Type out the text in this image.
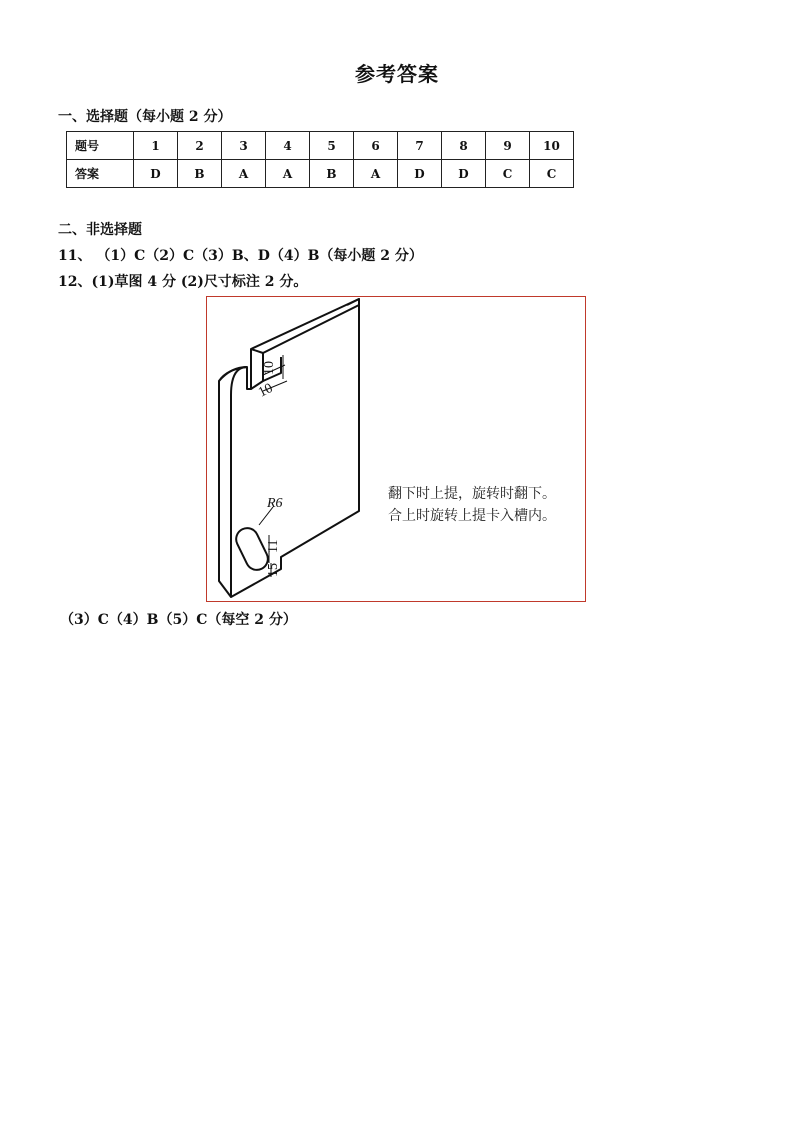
参考答案
一、选择题（每小题 2 分）
题号	1	2	3	4	5	6	7	8	9	10
答案	D	B	A	A	B	A	D	D	C	C
二、非选择题
11、 （1）C（2）C（3）B、D（4）B（每小题 2 分）
12、(1)草图 4 分 (2)尺寸标注 2 分。
10
10
R6
11
15
翻下时上提，旋转时翻下。
合上时旋转上提卡入槽内。
（3）C（4）B（5）C（每空 2 分）
